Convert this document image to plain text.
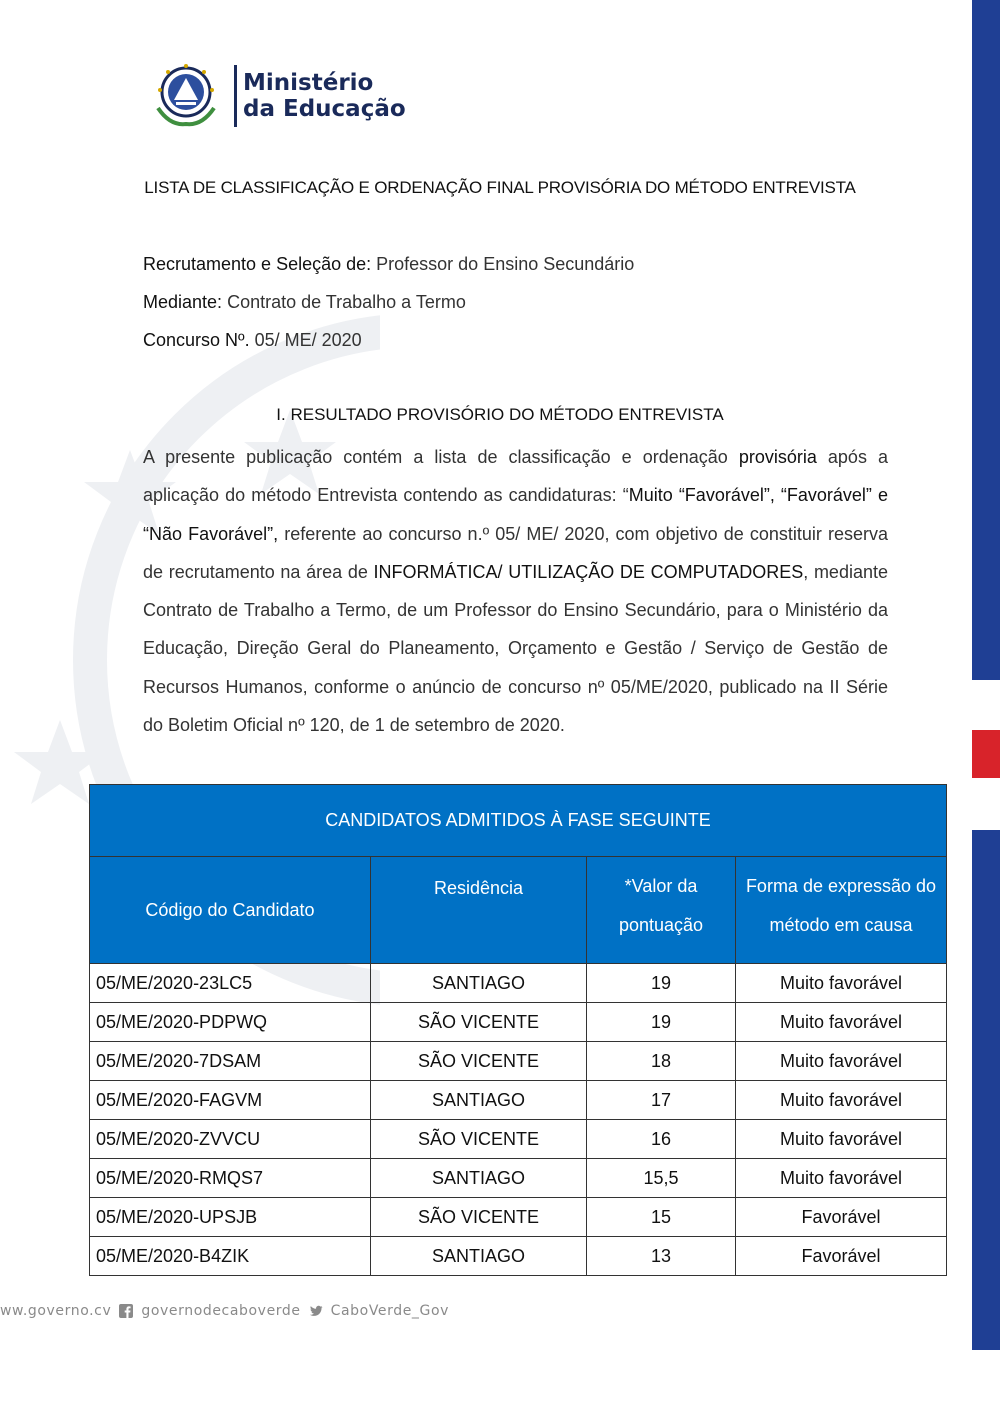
Ministério
da Educação
LISTA DE CLASSIFICAÇÃO E ORDENAÇÃO FINAL PROVISÓRIA DO MÉTODO ENTREVISTA
Recrutamento e Seleção de: Professor do Ensino Secundário
Mediante: Contrato de Trabalho a Termo
Concurso Nº. 05/ ME/ 2020
I. RESULTADO PROVISÓRIO DO MÉTODO ENTREVISTA
A presente publicação contém a lista de classificação e ordenação provisória após a aplicação do método Entrevista contendo as candidaturas: “Muito “Favorável”, “Favorável” e “Não Favorável”, referente ao concurso n.º 05/ ME/ 2020, com objetivo de constituir reserva de recrutamento na área de INFORMÁTICA/ UTILIZAÇÃO DE COMPUTADORES, mediante Contrato de Trabalho a Termo, de um Professor do Ensino Secundário, para o Ministério da Educação, Direção Geral do Planeamento, Orçamento e Gestão / Serviço de Gestão de Recursos Humanos, conforme o anúncio de concurso nº 05/ME/2020, publicado na II Série do Boletim Oficial nº 120, de 1 de setembro de 2020.
CANDIDATOS ADMITIDOS À FASE SEGUINTE			
Código do Candidato	Residência	*Valor da pontuação	Forma de expressão do método em causa
05/ME/2020-23LC5	SANTIAGO	19	Muito favorável
05/ME/2020-PDPWQ	SÃO VICENTE	19	Muito favorável
05/ME/2020-7DSAM	SÃO VICENTE	18	Muito favorável
05/ME/2020-FAGVM	SANTIAGO	17	Muito favorável
05/ME/2020-ZVVCU	SÃO VICENTE	16	Muito favorável
05/ME/2020-RMQS7	SANTIAGO	15,5	Muito favorável
05/ME/2020-UPSJB	SÃO VICENTE	15	Favorável
05/ME/2020-B4ZIK	SANTIAGO	13	Favorável
ww.governo.cv governodecaboverde CaboVerde_Gov
